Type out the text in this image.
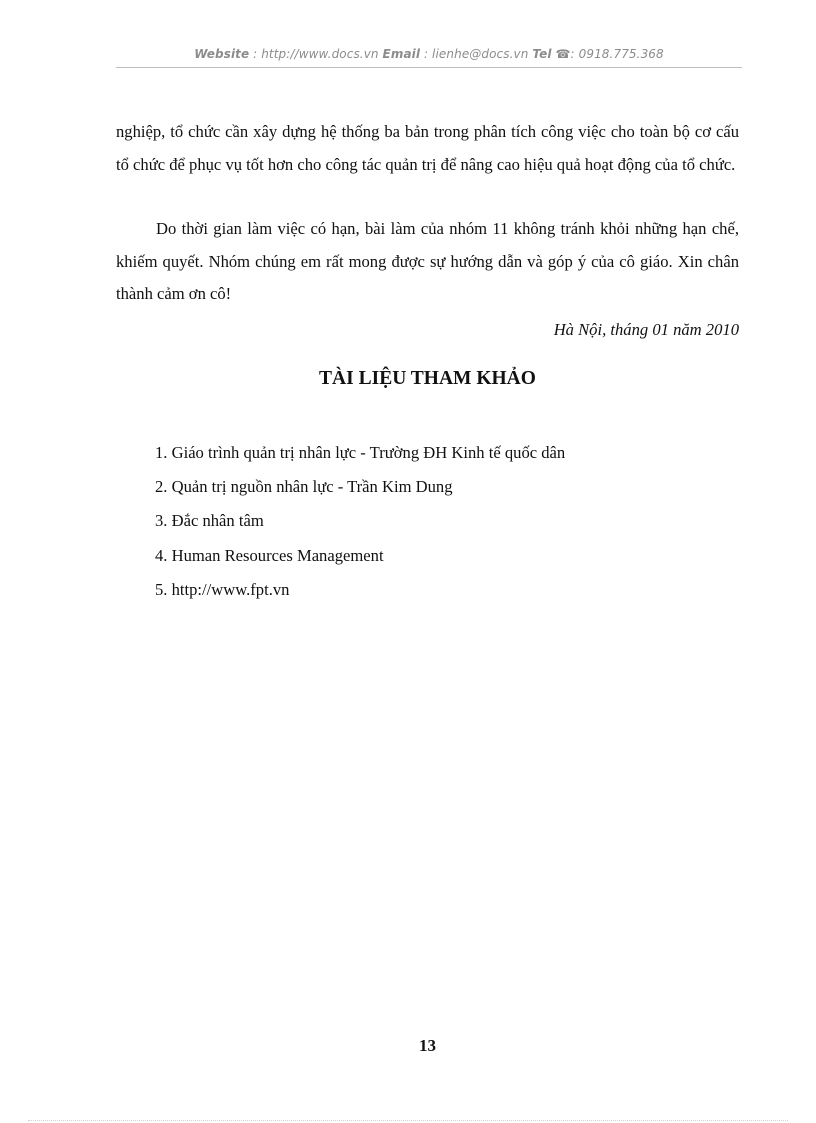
Website : http://www.docs.vn Email : lienhe@docs.vn Tel ☎: 0918.775.368

nghiệp, tổ chức cần xây dựng hệ thống ba bản trong phân tích công việc cho toàn bộ cơ cấu tổ chức để phục vụ tốt hơn cho công tác quản trị để nâng cao hiệu quả hoạt động của tổ chức.

Do thời gian làm việc có hạn, bài làm của nhóm 11 không tránh khỏi những hạn chế, khiếm quyết. Nhóm chúng em rất mong được sự hướng dẫn và góp ý của cô giáo. Xin chân thành cảm ơn cô!

Hà Nội, tháng 01 năm 2010
TÀI LIỆU THAM KHẢO
1. Giáo trình quản trị nhân lực - Trường ĐH Kinh tế quốc dân
2. Quản trị nguồn nhân lực - Trần Kim Dung
3. Đắc nhân tâm
4. Human Resources Management
5. http://www.fpt.vn
13
